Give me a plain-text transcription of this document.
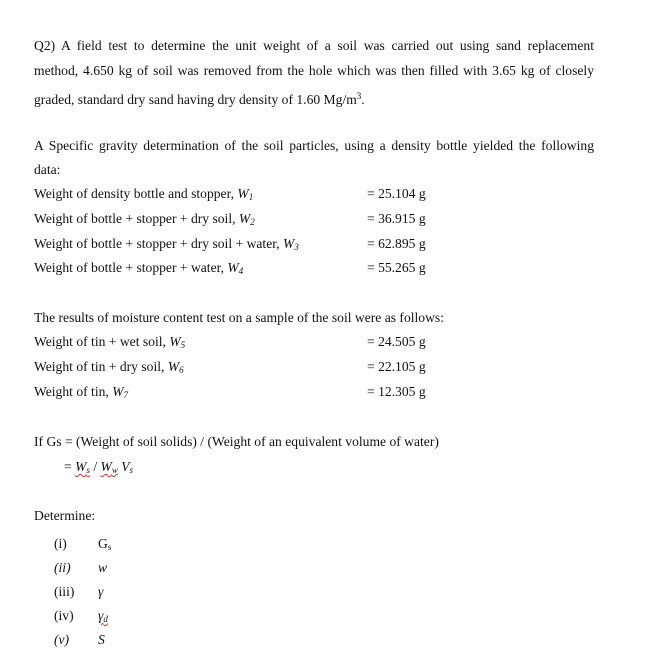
Q2) A field test to determine the unit weight of a soil was carried out using sand replacement
method, 4.650 kg of soil was removed from the hole which was then filled with 3.65 kg of closely
graded, standard dry sand having dry density of 1.60 $Mg/m^3$.
A Specific gravity determination of the soil particles, using a density bottle yielded the following
data:
Weight of density bottle and stopper, $W_1$	= 25.104 g
Weight of bottle + stopper + dry soil, $W_2$	= 36.915 g
Weight of bottle + stopper + dry soil + water, $W_3$	= 62.895 g
Weight of bottle + stopper + water, $W_4$	= 55.265 g
The results of moisture content test on a sample of the soil were as follows:
Weight of tin + wet soil, $W_5$	= 24.505 g
Weight of tin + dry soil, $W_6$	= 22.105 g
Weight of tin, $W_7$	= 12.305 g
If Gs = (Weight of soil solids) / (Weight of an equivalent volume of water)
= $W_s / W_w$ $V_s$
Determine:
(i) Gs
(ii) w
(iii) γ
(iv) γd
(v) S
